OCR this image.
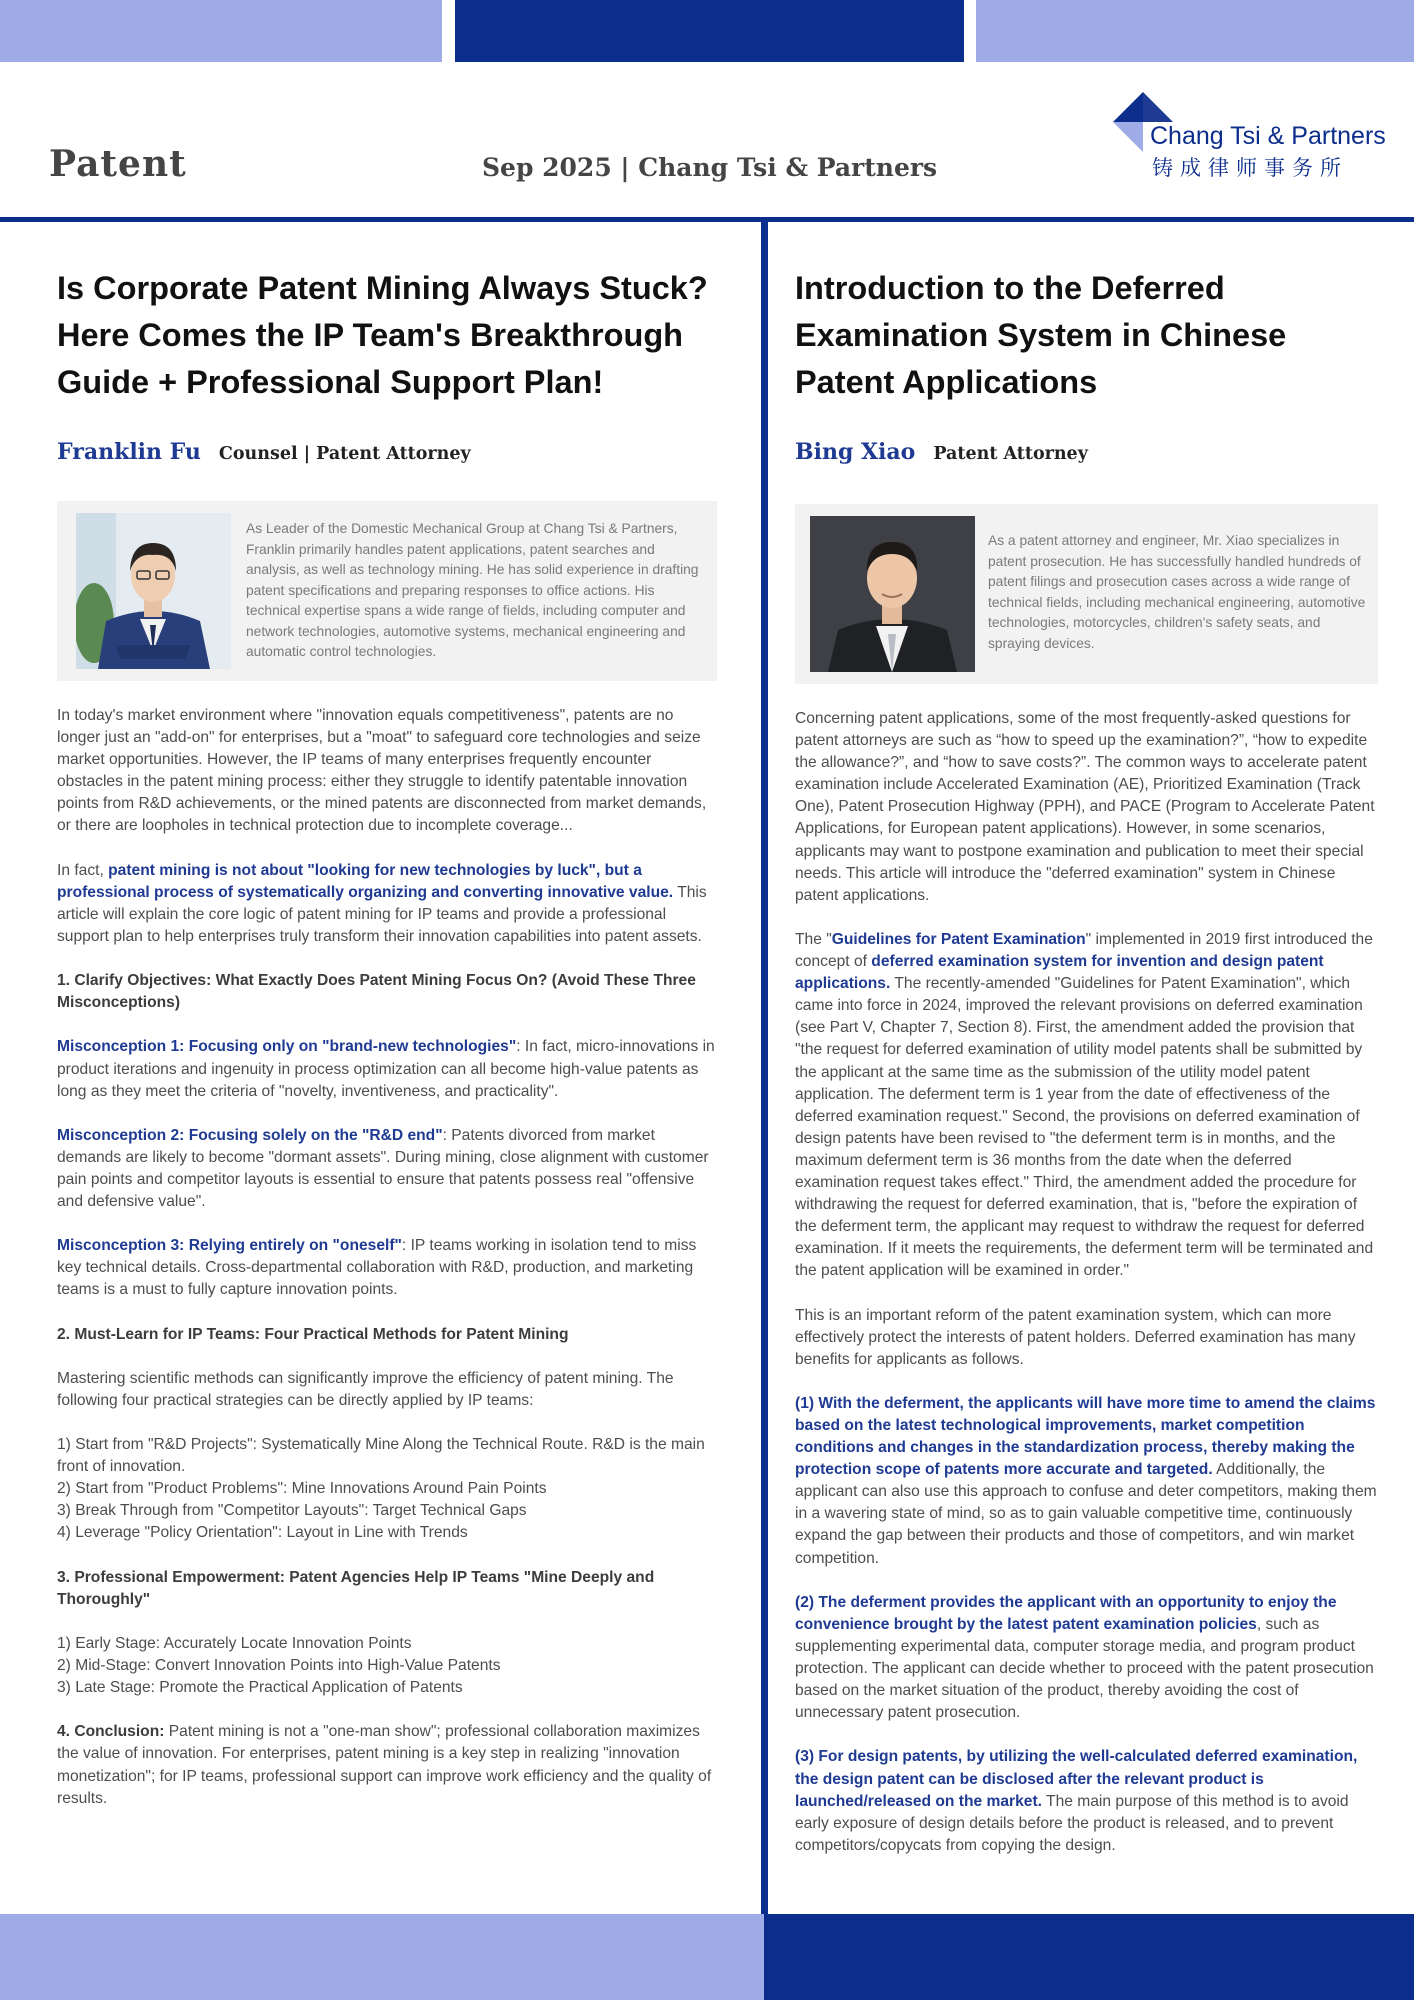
Patent	Sep 2025 | Chang Tsi & Partners
Chang Tsi & Partners
铸成律师事务所
Is Corporate Patent Mining Always Stuck? Here Comes the IP Team's Breakthrough Guide + Professional Support Plan!
Franklin Fu Counsel | Patent Attorney
As Leader of the Domestic Mechanical Group at Chang Tsi & Partners, Franklin primarily handles patent applications, patent searches and analysis, as well as technology mining. He has solid experience in drafting patent specifications and preparing responses to office actions. His technical expertise spans a wide range of fields, including computer and network technologies, automotive systems, mechanical engineering and automatic control technologies.

In today's market environment where "innovation equals competitiveness", patents are no longer just an "add-on" for enterprises, but a "moat" to safeguard core technologies and seize market opportunities. However, the IP teams of many enterprises frequently encounter obstacles in the patent mining process: either they struggle to identify patentable innovation points from R&D achievements, or the mined patents are disconnected from market demands, or there are loopholes in technical protection due to incomplete coverage...

In fact, patent mining is not about "looking for new technologies by luck", but a professional process of systematically organizing and converting innovative value. This article will explain the core logic of patent mining for IP teams and provide a professional support plan to help enterprises truly transform their innovation capabilities into patent assets.

1. Clarify Objectives: What Exactly Does Patent Mining Focus On? (Avoid These Three Misconceptions)

Misconception 1: Focusing only on "brand-new technologies": In fact, micro-innovations in product iterations and ingenuity in process optimization can all become high-value patents as long as they meet the criteria of "novelty, inventiveness, and practicality".

Misconception 2: Focusing solely on the "R&D end": Patents divorced from market demands are likely to become "dormant assets". During mining, close alignment with customer pain points and competitor layouts is essential to ensure that patents possess real "offensive and defensive value".

Misconception 3: Relying entirely on "oneself": IP teams working in isolation tend to miss key technical details. Cross-departmental collaboration with R&D, production, and marketing teams is a must to fully capture innovation points.

2. Must-Learn for IP Teams: Four Practical Methods for Patent Mining

Mastering scientific methods can significantly improve the efficiency of patent mining. The following four practical strategies can be directly applied by IP teams:

1) Start from "R&D Projects": Systematically Mine Along the Technical Route. R&D is the main front of innovation.
2) Start from "Product Problems": Mine Innovations Around Pain Points
3) Break Through from "Competitor Layouts": Target Technical Gaps
4) Leverage "Policy Orientation": Layout in Line with Trends

3. Professional Empowerment: Patent Agencies Help IP Teams "Mine Deeply and Thoroughly"

1) Early Stage: Accurately Locate Innovation Points
2) Mid-Stage: Convert Innovation Points into High-Value Patents
3) Late Stage: Promote the Practical Application of Patents

4. Conclusion: Patent mining is not a "one-man show"; professional collaboration maximizes the value of innovation. For enterprises, patent mining is a key step in realizing "innovation monetization"; for IP teams, professional support can improve work efficiency and the quality of results.

Introduction to the Deferred Examination System in Chinese Patent Applications
Bing Xiao Patent Attorney
As a patent attorney and engineer, Mr. Xiao specializes in patent prosecution. He has successfully handled hundreds of patent filings and prosecution cases across a wide range of technical fields, including mechanical engineering, automotive technologies, motorcycles, children's safety seats, and spraying devices.

Concerning patent applications, some of the most frequently-asked questions for patent attorneys are such as “how to speed up the examination?”, “how to expedite the allowance?”, and “how to save costs?”. The common ways to accelerate patent examination include Accelerated Examination (AE), Prioritized Examination (Track One), Patent Prosecution Highway (PPH), and PACE (Program to Accelerate Patent Applications, for European patent applications). However, in some scenarios, applicants may want to postpone examination and publication to meet their special needs. This article will introduce the "deferred examination" system in Chinese patent applications.

The "Guidelines for Patent Examination" implemented in 2019 first introduced the concept of deferred examination system for invention and design patent applications. The recently-amended "Guidelines for Patent Examination", which came into force in 2024, improved the relevant provisions on deferred examination (see Part V, Chapter 7, Section 8). First, the amendment added the provision that "the request for deferred examination of utility model patents shall be submitted by the applicant at the same time as the submission of the utility model patent application. The deferment term is 1 year from the date of effectiveness of the deferred examination request." Second, the provisions on deferred examination of design patents have been revised to "the deferment term is in months, and the maximum deferment term is 36 months from the date when the deferred examination request takes effect." Third, the amendment added the procedure for withdrawing the request for deferred examination, that is, "before the expiration of the deferment term, the applicant may request to withdraw the request for deferred examination. If it meets the requirements, the deferment term will be terminated and the patent application will be examined in order."

This is an important reform of the patent examination system, which can more effectively protect the interests of patent holders. Deferred examination has many benefits for applicants as follows.

(1) With the deferment, the applicants will have more time to amend the claims based on the latest technological improvements, market competition conditions and changes in the standardization process, thereby making the protection scope of patents more accurate and targeted. Additionally, the applicant can also use this approach to confuse and deter competitors, making them in a wavering state of mind, so as to gain valuable competitive time, continuously expand the gap between their products and those of competitors, and win market competition.

(2) The deferment provides the applicant with an opportunity to enjoy the convenience brought by the latest patent examination policies, such as supplementing experimental data, computer storage media, and program product protection. The applicant can decide whether to proceed with the patent prosecution based on the market situation of the product, thereby avoiding the cost of unnecessary patent prosecution.

(3) For design patents, by utilizing the well-calculated deferred examination, the design patent can be disclosed after the relevant product is launched/released on the market. The main purpose of this method is to avoid early exposure of design details before the product is released, and to prevent competitors/copycats from copying the design.
